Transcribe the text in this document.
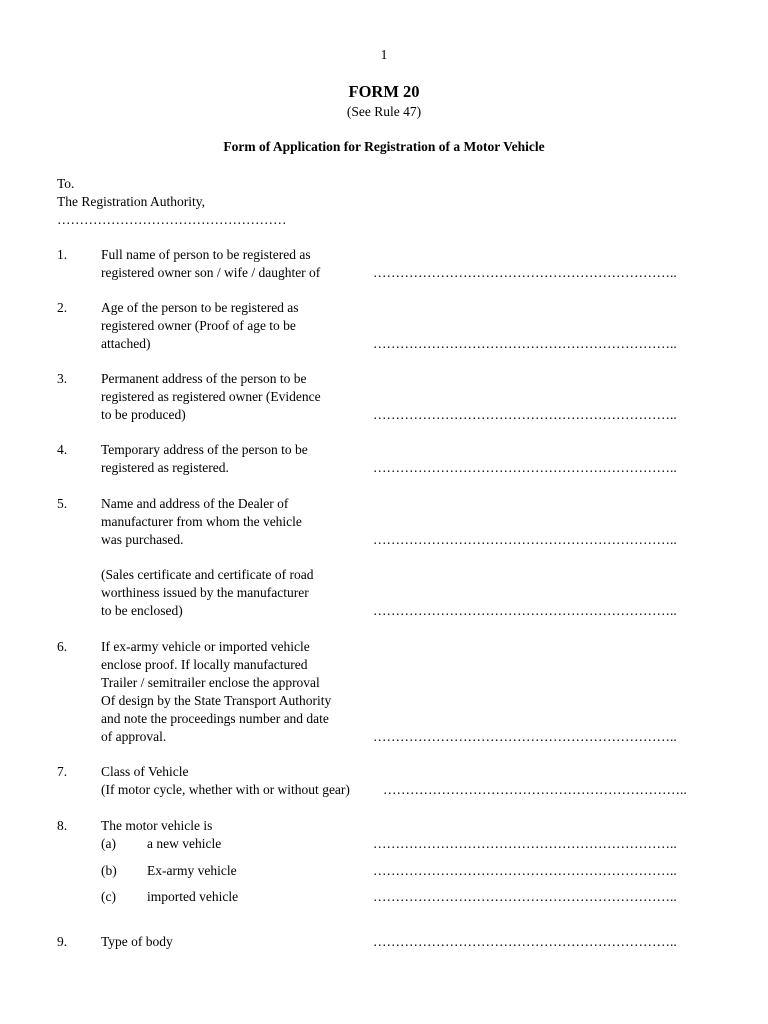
1
FORM 20
(See Rule 47)
Form of Application for Registration of a Motor Vehicle
To.
The Registration Authority,
……………………………………………
1.	Full name of person to be registered as
registered owner son / wife / daughter of	…………………………………………………………..
2.	Age of the person to be registered as
registered owner (Proof of age to be
attached)	…………………………………………………………..
3.	Permanent address of the person to be
registered as registered owner (Evidence
to be produced)	…………………………………………………………..
4.	Temporary address of the person to be
registered as registered.	…………………………………………………………..
5.	Name and address of the Dealer of
manufacturer from whom the vehicle
was purchased.	…………………………………………………………..
(Sales certificate and certificate of road
worthiness issued by the manufacturer
to be enclosed)	…………………………………………………………..
6.	If ex-army vehicle or imported vehicle
enclose proof. If locally manufactured
Trailer / semitrailer enclose the approval
Of design by the State Transport Authority
and note the proceedings number and date
of approval.	…………………………………………………………..
7.	Class of Vehicle
(If motor cycle, whether with or without gear) …………………………………………………………..
8.	The motor vehicle is
(a) a new vehicle	…………………………………………………………..
(b) Ex-army vehicle	…………………………………………………………..
(c) imported vehicle	…………………………………………………………..
9.	Type of body	…………………………………………………………..
